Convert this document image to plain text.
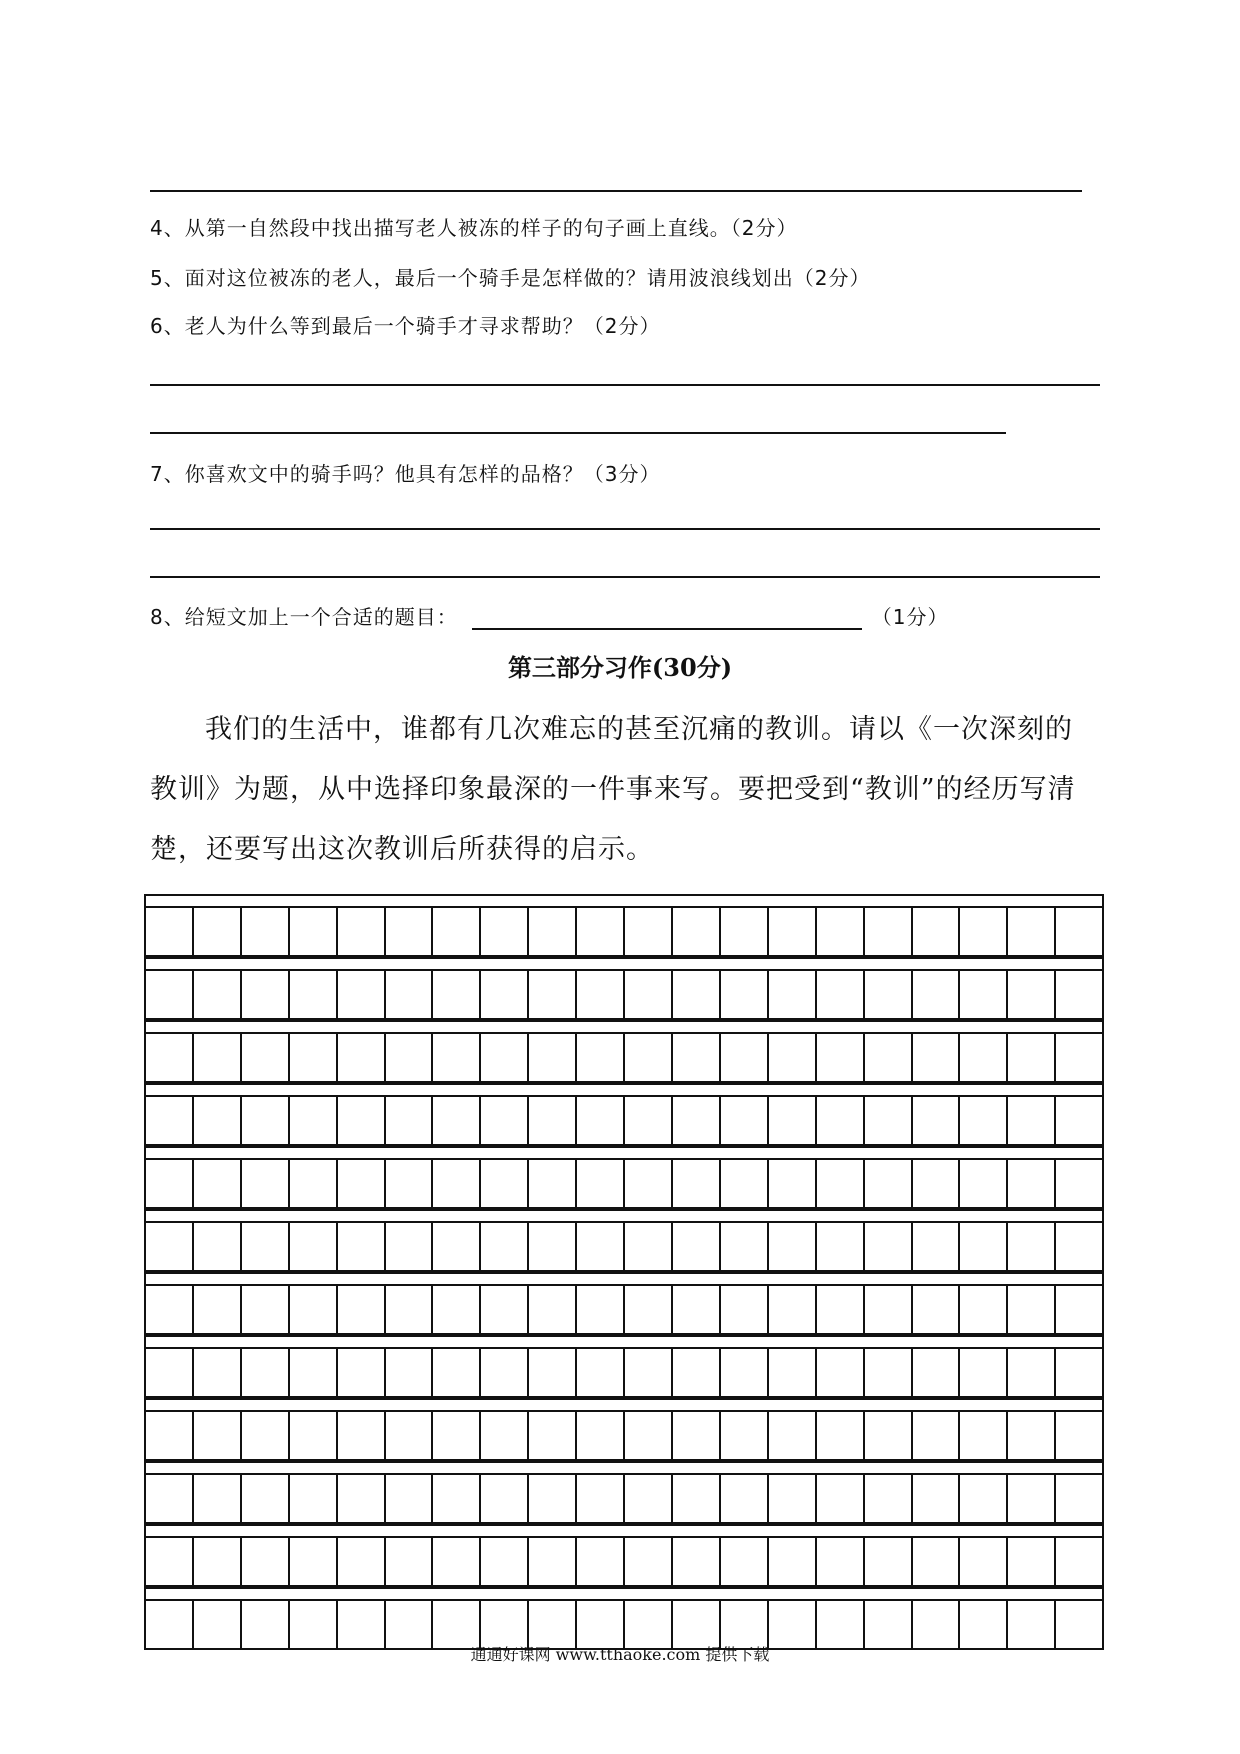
4、从第一自然段中找出描写老人被冻的样子的句子画上直线。（2分）
5、面对这位被冻的老人，最后一个骑手是怎样做的？请用波浪线划出（2分）
6、老人为什么等到最后一个骑手才寻求帮助？（2分）
7、你喜欢文中的骑手吗？他具有怎样的品格？（3分）
8、给短文加上一个合适的题目：	（1分）
第三部分习作(30分)
我们的生活中，谁都有几次难忘的甚至沉痛的教训。请以《一次深刻的教训》为题，从中选择印象最深的一件事来写。要把受到“教训”的经历写清楚，还要写出这次教训后所获得的启示。
通通好课网 www.tthaoke.com 提供下载
